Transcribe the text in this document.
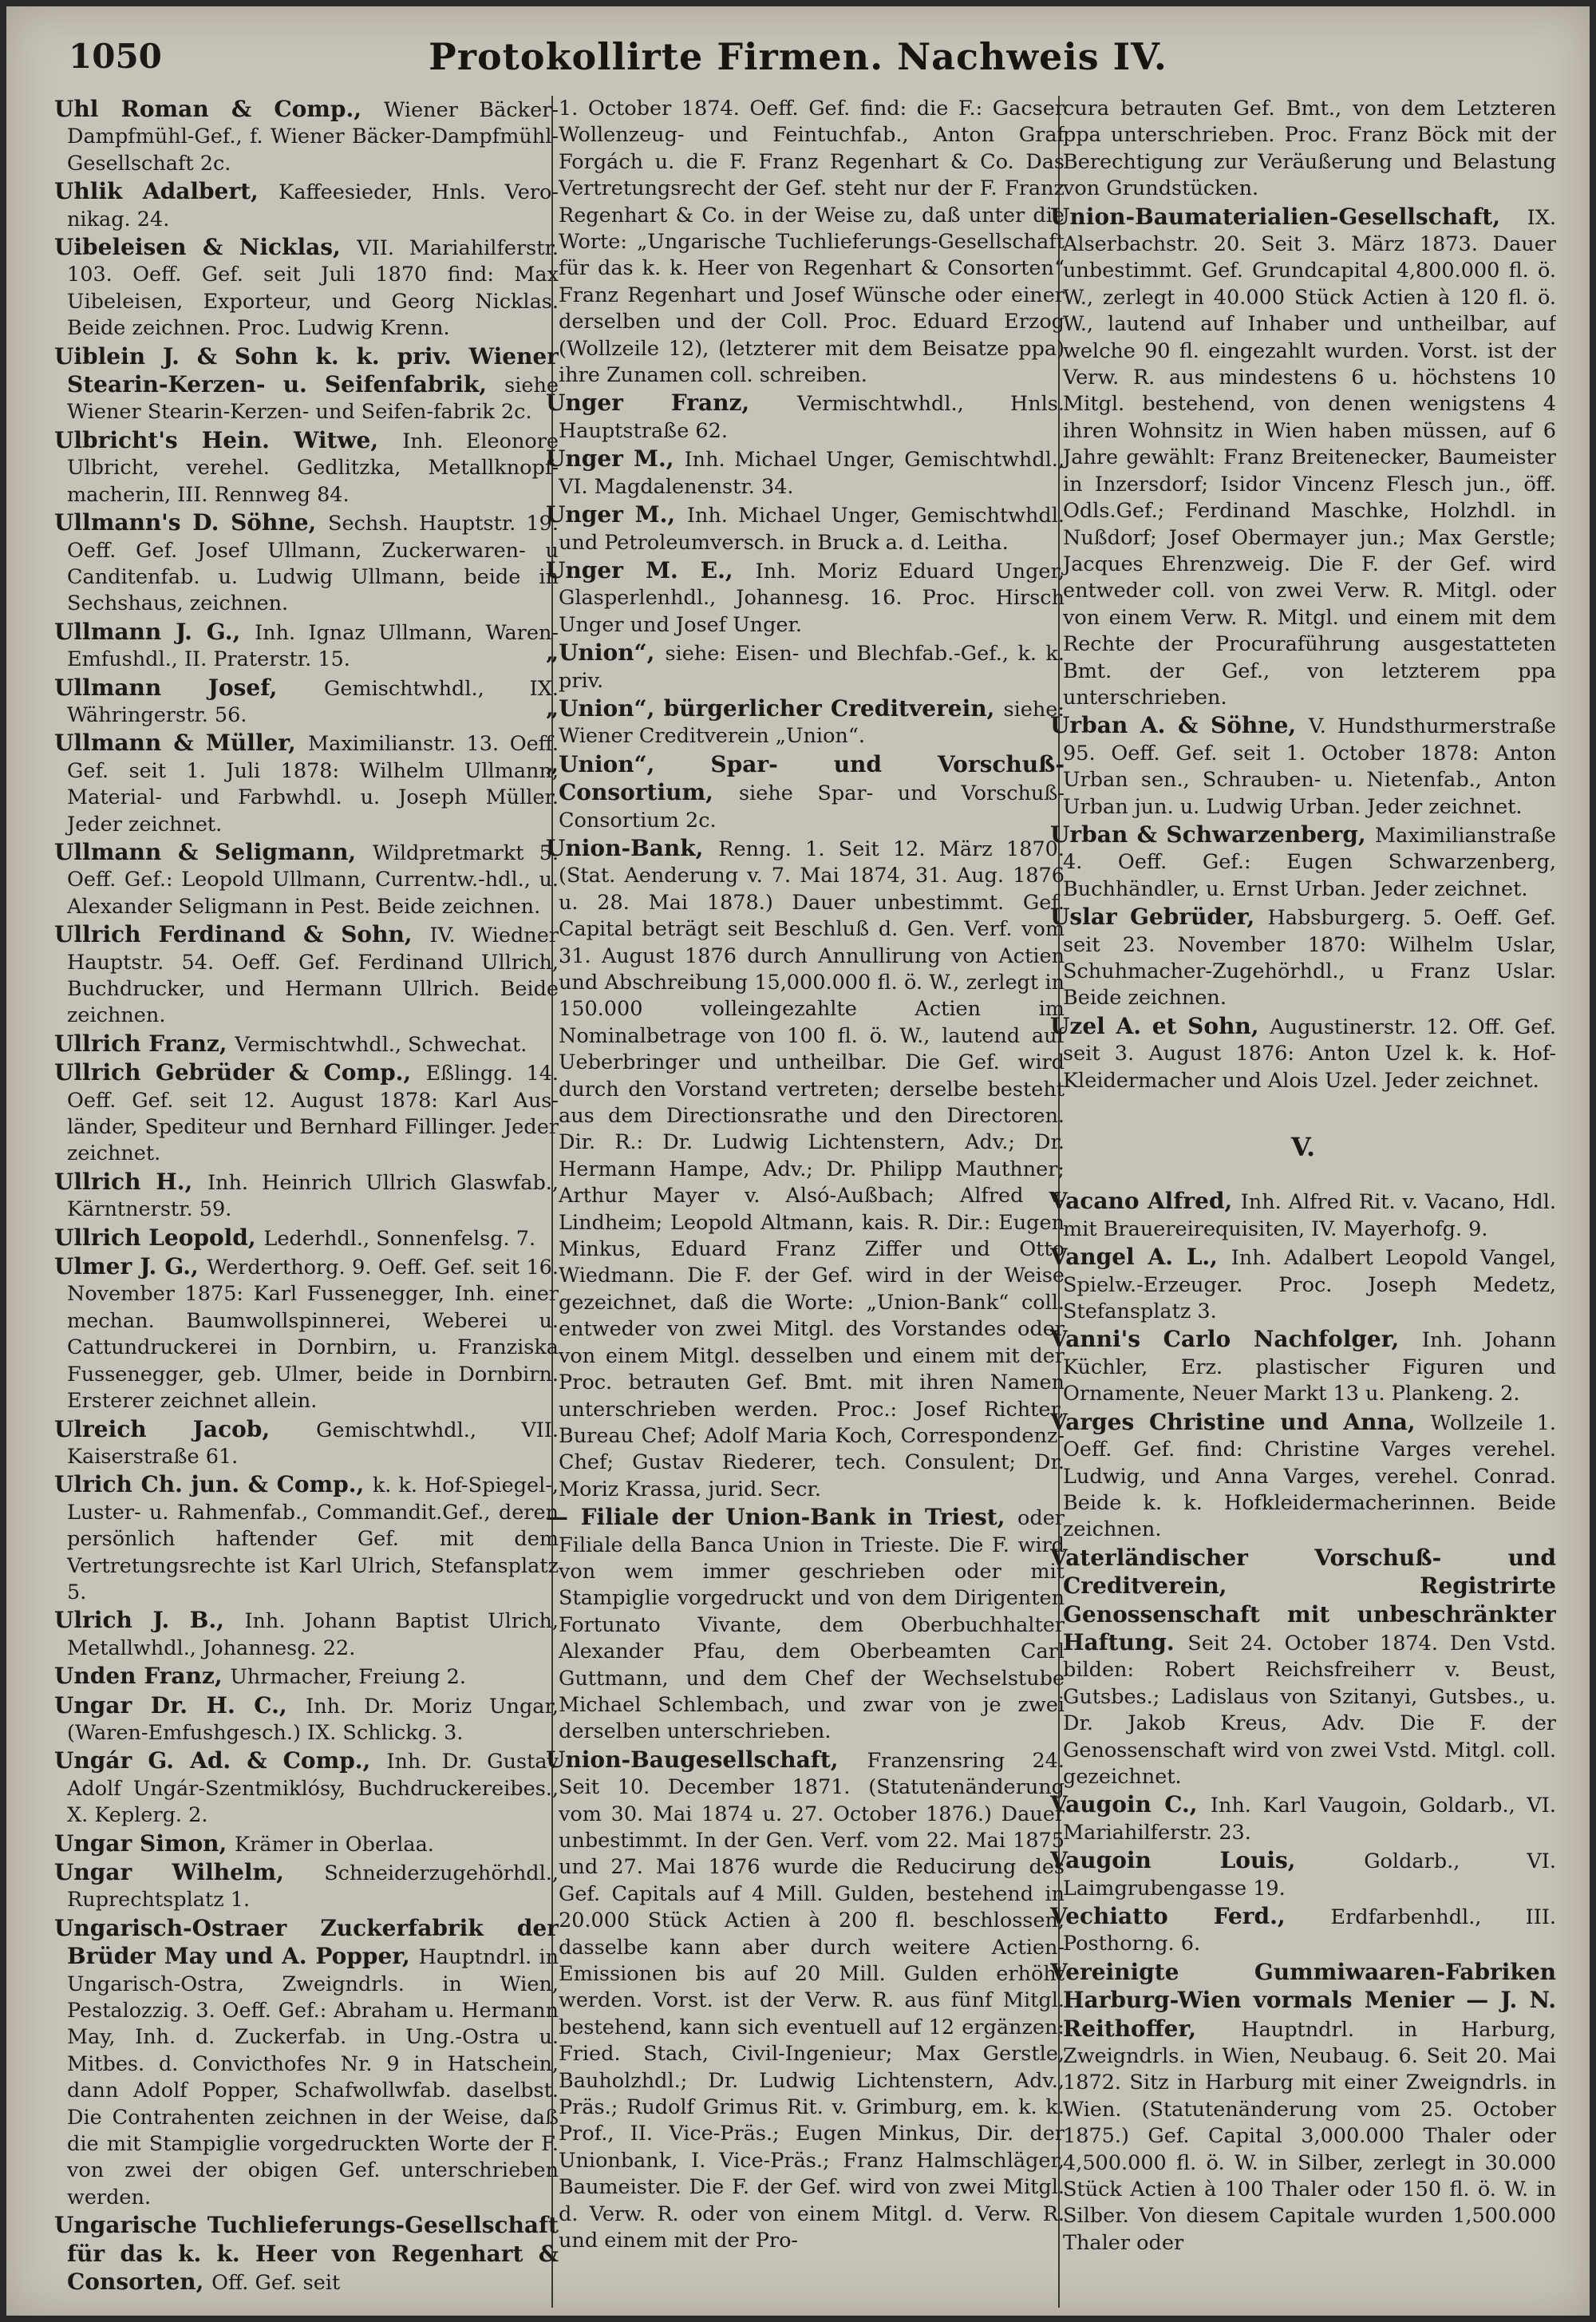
1050	Protokollirte Firmen. Nachweis IV.
Uhl Roman & Comp., Wiener Bäcker-Dampfmühl-Gef., f. Wiener Bäcker-Dampfmühl-Gesellschaft 2c.
Uhlik Adalbert, Kaffeesieder, Hnls. Vero-nikag. 24.
Uibeleisen & Nicklas, VII. Mariahilferstr. 103. Oeff. Gef. seit Juli 1870 find: Max Uibeleisen, Exporteur, und Georg Nicklas. Beide zeichnen. Proc. Ludwig Krenn.
Uiblein J. & Sohn k. k. priv. Wiener Stearin-Kerzen- u. Seifenfabrik, siehe Wiener Stearin-Kerzen- und Seifen-fabrik 2c.
Ulbricht's Hein. Witwe, Inh. Eleonore Ulbricht, verehel. Gedlitzka, Metallknopf-macherin, III. Rennweg 84.
Ullmann's D. Söhne, Sechsh. Hauptstr. 19. Oeff. Gef. Josef Ullmann, Zuckerwaren- u Canditenfab. u. Ludwig Ullmann, beide in Sechshaus, zeichnen.
Ullmann J. G., Inh. Ignaz Ullmann, Waren-Emfushdl., II. Praterstr. 15.
Ullmann Josef, Gemischtwhdl., IX. Währingerstr. 56.
Ullmann & Müller, Maximilianstr. 13. Oeff. Gef. seit 1. Juli 1878: Wilhelm Ullmann, Material- und Farbwhdl. u. Joseph Müller. Jeder zeichnet.
Ullmann & Seligmann, Wildpretmarkt 5. Oeff. Gef.: Leopold Ullmann, Currentw.-hdl., u. Alexander Seligmann in Pest. Beide zeichnen.
Ullrich Ferdinand & Sohn, IV. Wiedner Hauptstr. 54. Oeff. Gef. Ferdinand Ullrich, Buchdrucker, und Hermann Ullrich. Beide zeichnen.
Ullrich Franz, Vermischtwhdl., Schwechat.
Ullrich Gebrüder & Comp., Eßlingg. 14. Oeff. Gef. seit 12. August 1878: Karl Aus-länder, Spediteur und Bernhard Fillinger. Jeder zeichnet.
Ullrich H., Inh. Heinrich Ullrich Glaswfab., Kärntnerstr. 59.
Ullrich Leopold, Lederhdl., Sonnenfelsg. 7.
Ulmer J. G., Werderthorg. 9. Oeff. Gef. seit 16. November 1875: Karl Fussenegger, Inh. einer mechan. Baumwollspinnerei, Weberei u. Cattundruckerei in Dornbirn, u. Franziska Fussenegger, geb. Ulmer, beide in Dornbirn. Ersterer zeichnet allein.
Ulreich Jacob, Gemischtwhdl., VII. Kaiserstraße 61.
Ulrich Ch. jun. & Comp., k. k. Hof-Spiegel-, Luster- u. Rahmenfab., Commandit.Gef., deren persönlich haftender Gef. mit dem Vertretungsrechte ist Karl Ulrich, Stefansplatz 5.
Ulrich J. B., Inh. Johann Baptist Ulrich, Metallwhdl., Johannesg. 22.
Unden Franz, Uhrmacher, Freiung 2.
Ungar Dr. H. C., Inh. Dr. Moriz Ungar, (Waren-Emfushgesch.) IX. Schlickg. 3.
Ungár G. Ad. & Comp., Inh. Dr. Gustav Adolf Ungár-Szentmiklósy, Buchdruckereibes., X. Keplerg. 2.
Ungar Simon, Krämer in Oberlaa.
Ungar Wilhelm, Schneiderzugehörhdl., Ruprechtsplatz 1.
Ungarisch-Ostraer Zuckerfabrik der Brüder May und A. Popper, Hauptndrl. in Ungarisch-Ostra, Zweigndrls. in Wien, Pestalozzig. 3. Oeff. Gef.: Abraham u. Hermann May, Inh. d. Zuckerfab. in Ung.-Ostra u. Mitbes. d. Convicthofes Nr. 9 in Hatschein, dann Adolf Popper, Schafwollwfab. daselbst. Die Contrahenten zeichnen in der Weise, daß die mit Stampiglie vorgedruckten Worte der F. von zwei der obigen Gef. unterschrieben werden.
Ungarische Tuchlieferungs-Gesellschaft für das k. k. Heer von Regenhart & Consorten, Off. Gef. seit
1. October 1874. Oeff. Gef. find: die F.: Gacser Wollenzeug- und Feintuchfab., Anton Graf Forgách u. die F. Franz Regenhart & Co. Das Vertretungsrecht der Gef. steht nur der F. Franz Regenhart & Co. in der Weise zu, daß unter die Worte: „Ungarische Tuchlieferungs-Gesellschaft für das k. k. Heer von Regenhart & Consorten“ Franz Regenhart und Josef Wünsche oder einer derselben und der Coll. Proc. Eduard Erzog (Wollzeile 12), (letzterer mit dem Beisatze ppa) ihre Zunamen coll. schreiben.
Unger Franz, Vermischtwhdl., Hnls. Hauptstraße 62.
Unger M., Inh. Michael Unger, Gemischtwhdl., VI. Magdalenenstr. 34.
Unger M., Inh. Michael Unger, Gemischtwhdl. und Petroleumversch. in Bruck a. d. Leitha.
Unger M. E., Inh. Moriz Eduard Unger, Glasperlenhdl., Johannesg. 16. Proc. Hirsch Unger und Josef Unger.
„Union“, siehe: Eisen- und Blechfab.-Gef., k. k. priv.
„Union“, bürgerlicher Creditverein, siehe: Wiener Creditverein „Union“.
„Union“, Spar- und Vorschuß-Consortium, siehe Spar- und Vorschuß-Consortium 2c.
Union-Bank, Renng. 1. Seit 12. März 1870. (Stat. Aenderung v. 7. Mai 1874, 31. Aug. 1876 u. 28. Mai 1878.) Dauer unbestimmt. Gef. Capital beträgt seit Beschluß d. Gen. Verf. vom 31. August 1876 durch Annullirung von Actien und Abschreibung 15,000.000 fl. ö. W., zerlegt in 150.000 volleingezahlte Actien im Nominalbetrage von 100 fl. ö. W., lautend auf Ueberbringer und untheilbar. Die Gef. wird durch den Vorstand vertreten; derselbe besteht aus dem Directionsrathe und den Directoren. Dir. R.: Dr. Ludwig Lichtenstern, Adv.; Dr. Hermann Hampe, Adv.; Dr. Philipp Mauthner; Arthur Mayer v. Alsó-Außbach; Alfred v. Lindheim; Leopold Altmann, kais. R. Dir.: Eugen Minkus, Eduard Franz Ziffer und Otto Wiedmann. Die F. der Gef. wird in der Weise gezeichnet, daß die Worte: „Union-Bank“ coll. entweder von zwei Mitgl. des Vorstandes oder von einem Mitgl. desselben und einem mit der Proc. betrauten Gef. Bmt. mit ihren Namen unterschrieben werden. Proc.: Josef Richter, Bureau Chef; Adolf Maria Koch, Correspondenz-Chef; Gustav Riederer, tech. Consulent; Dr. Moriz Krassa, jurid. Secr.
— Filiale der Union-Bank in Triest, oder Filiale della Banca Union in Trieste. Die F. wird von wem immer geschrieben oder mit Stampiglie vorgedruckt und von dem Dirigenten Fortunato Vivante, dem Oberbuchhalter Alexander Pfau, dem Oberbeamten Carl Guttmann, und dem Chef der Wechselstube Michael Schlembach, und zwar von je zwei derselben unterschrieben.
Union-Baugesellschaft, Franzensring 24. Seit 10. December 1871. (Statutenänderung vom 30. Mai 1874 u. 27. October 1876.) Dauer unbestimmt. In der Gen. Verf. vom 22. Mai 1875 und 27. Mai 1876 wurde die Reducirung des Gef. Capitals auf 4 Mill. Gulden, bestehend in 20.000 Stück Actien à 200 fl. beschlossen, dasselbe kann aber durch weitere Actien-Emissionen bis auf 20 Mill. Gulden erhöht werden. Vorst. ist der Verw. R. aus fünf Mitgl. bestehend, kann sich eventuell auf 12 ergänzen: Fried. Stach, Civil-Ingenieur; Max Gerstle, Bauholzhdl.; Dr. Ludwig Lichtenstern, Adv., Präs.; Rudolf Grimus Rit. v. Grimburg, em. k. k. Prof., II. Vice-Präs.; Eugen Minkus, Dir. der Unionbank, I. Vice-Präs.; Franz Halmschläger, Baumeister. Die F. der Gef. wird von zwei Mitgl. d. Verw. R. oder von einem Mitgl. d. Verw. R. und einem mit der Pro-
cura betrauten Gef. Bmt., von dem Letzteren ppa unterschrieben. Proc. Franz Böck mit der Berechtigung zur Veräußerung und Belastung von Grundstücken.
Union-Baumaterialien-Gesellschaft, IX. Alserbachstr. 20. Seit 3. März 1873. Dauer unbestimmt. Gef. Grundcapital 4,800.000 fl. ö. W., zerlegt in 40.000 Stück Actien à 120 fl. ö. W., lautend auf Inhaber und untheilbar, auf welche 90 fl. eingezahlt wurden. Vorst. ist der Verw. R. aus mindestens 6 u. höchstens 10 Mitgl. bestehend, von denen wenigstens 4 ihren Wohnsitz in Wien haben müssen, auf 6 Jahre gewählt: Franz Breitenecker, Baumeister in Inzersdorf; Isidor Vincenz Flesch jun., öff. Odls.Gef.; Ferdinand Maschke, Holzhdl. in Nußdorf; Josef Obermayer jun.; Max Gerstle; Jacques Ehrenzweig. Die F. der Gef. wird entweder coll. von zwei Verw. R. Mitgl. oder von einem Verw. R. Mitgl. und einem mit dem Rechte der Procuraführung ausgestatteten Bmt. der Gef., von letzterem ppa unterschrieben.
Urban A. & Söhne, V. Hundsthurmerstraße 95. Oeff. Gef. seit 1. October 1878: Anton Urban sen., Schrauben- u. Nietenfab., Anton Urban jun. u. Ludwig Urban. Jeder zeichnet.
Urban & Schwarzenberg, Maximilianstraße 4. Oeff. Gef.: Eugen Schwarzenberg, Buchhändler, u. Ernst Urban. Jeder zeichnet.
Uslar Gebrüder, Habsburgerg. 5. Oeff. Gef. seit 23. November 1870: Wilhelm Uslar, Schuhmacher-Zugehörhdl., u Franz Uslar. Beide zeichnen.
Uzel A. et Sohn, Augustinerstr. 12. Off. Gef. seit 3. August 1876: Anton Uzel k. k. Hof-Kleidermacher und Alois Uzel. Jeder zeichnet.
V.
Vacano Alfred, Inh. Alfred Rit. v. Vacano, Hdl. mit Brauereirequisiten, IV. Mayerhofg. 9.
Vangel A. L., Inh. Adalbert Leopold Vangel, Spielw.-Erzeuger. Proc. Joseph Medetz, Stefansplatz 3.
Vanni's Carlo Nachfolger, Inh. Johann Küchler, Erz. plastischer Figuren und Ornamente, Neuer Markt 13 u. Plankeng. 2.
Varges Christine und Anna, Wollzeile 1. Oeff. Gef. find: Christine Varges verehel. Ludwig, und Anna Varges, verehel. Conrad. Beide k. k. Hofkleidermacherinnen. Beide zeichnen.
Vaterländischer Vorschuß- und Creditverein, Registrirte Genossenschaft mit unbeschränkter Haftung. Seit 24. October 1874. Den Vstd. bilden: Robert Reichsfreiherr v. Beust, Gutsbes.; Ladislaus von Szitanyi, Gutsbes., u. Dr. Jakob Kreus, Adv. Die F. der Genossenschaft wird von zwei Vstd. Mitgl. coll. gezeichnet.
Vaugoin C., Inh. Karl Vaugoin, Goldarb., VI. Mariahilferstr. 23.
Vaugoin Louis, Goldarb., VI. Laimgrubengasse 19.
Vechiatto Ferd., Erdfarbenhdl., III. Posthorng. 6.
Vereinigte Gummiwaaren-Fabriken Harburg-Wien vormals Menier — J. N. Reithoffer, Hauptndrl. in Harburg, Zweigndrls. in Wien, Neubaug. 6. Seit 20. Mai 1872. Sitz in Harburg mit einer Zweigndrls. in Wien. (Statutenänderung vom 25. October 1875.) Gef. Capital 3,000.000 Thaler oder 4,500.000 fl. ö. W. in Silber, zerlegt in 30.000 Stück Actien à 100 Thaler oder 150 fl. ö. W. in Silber. Von diesem Capitale wurden 1,500.000 Thaler oder
